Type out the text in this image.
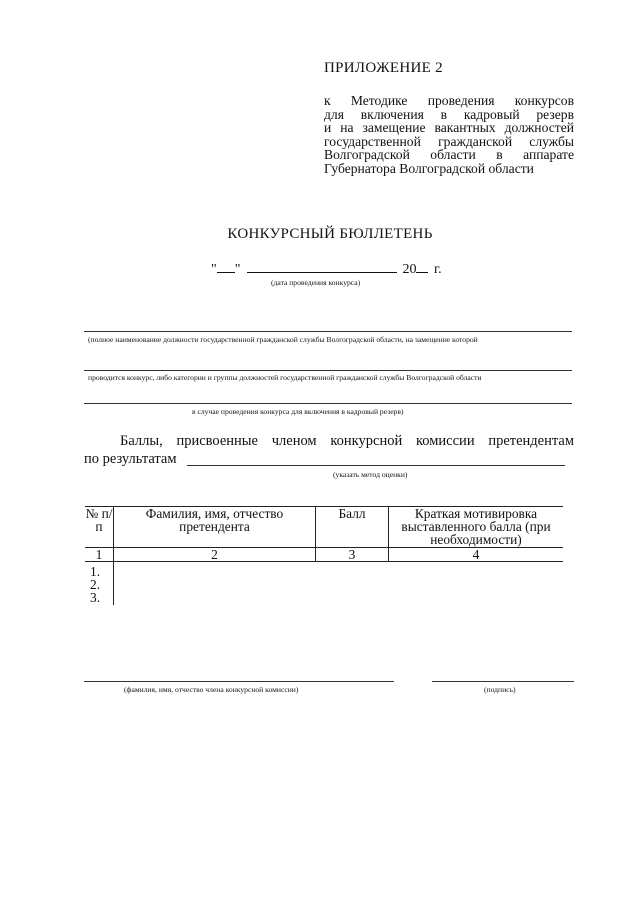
ПРИЛОЖЕНИЕ 2
к Методике проведения конкурсов
для включения в кадровый резерв
и на замещение вакантных должностей
государственной гражданской службы
Волгоградской области в аппарате
Губернатора Волгоградской области
КОНКУРСНЫЙ БЮЛЛЕТЕНЬ
" "	20 г.
(дата проведения конкурса)
(полное наименование должности государственной гражданской службы Волгоградской области, на замещение которой
проводится конкурс, либо категории и группы должностей государственной гражданской службы Волгоградской области
в случае проведения конкурса для включения в кадровый резерв)
Баллы, присвоенные членом конкурсной комиссии претендентам
по результатам
(указать метод оценки)
№ п/п	Фамилия, имя, отчество претендента	Балл	Краткая мотивировка выставленного балла (при необходимости)
1	2	3	4
1.
2.
3.
(фамилия, имя, отчество члена конкурсной комиссии)	(подпись)
